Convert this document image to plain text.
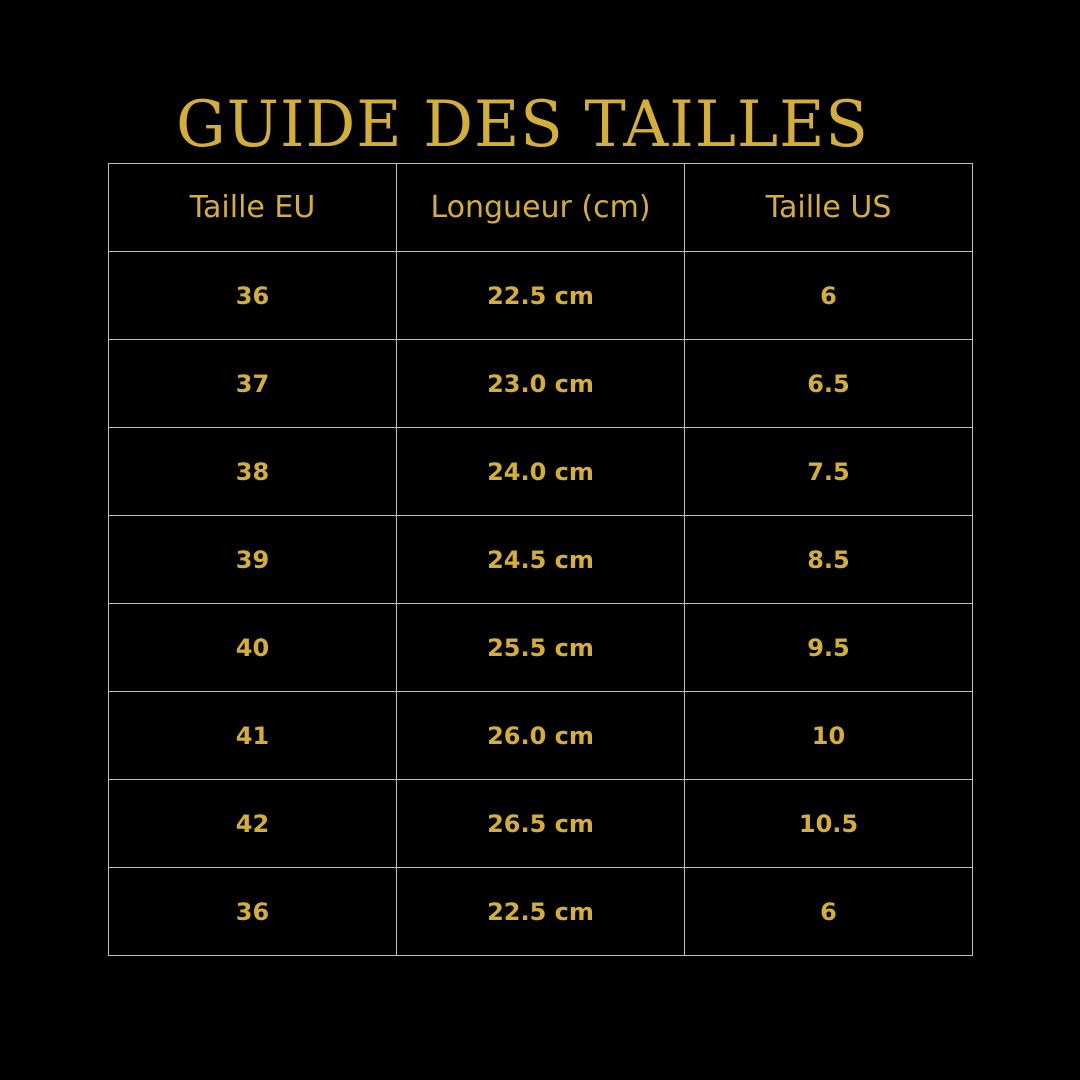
GUIDE DES TAILLES
Taille EU	Longueur (cm)	Taille US
36	22.5 cm	6
37	23.0 cm	6.5
38	24.0 cm	7.5
39	24.5 cm	8.5
40	25.5 cm	9.5
41	26.0 cm	10
42	26.5 cm	10.5
36	22.5 cm	6
